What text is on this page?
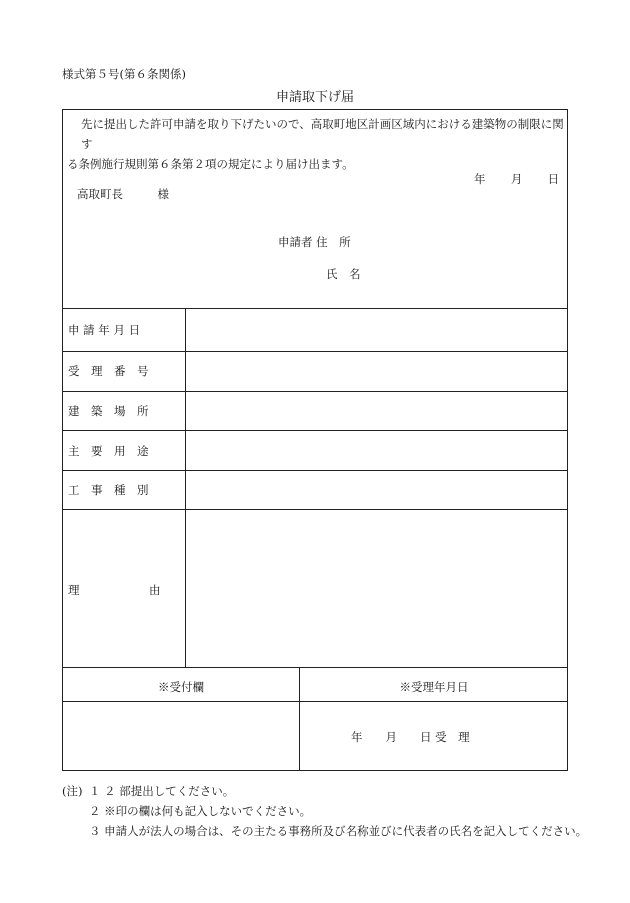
様式第５号(第６条関係)
申請取下げ届
先に提出した許可申請を取り下げたいので、高取町地区計画区域内における建築物の制限に関す
る条例施行規則第６条第２項の規定により届け出ます。
年 月 日
高取町長　　　様
申請者 住　所
氏　名
申 請 年 月 日
受　理　番　号
建　築　場　所
主　要　用　途
工　事　種　別
理	由
※受付欄	※受理年月日
年　　月　　日 受　理
(注) １ ２ 部提出してください。
２ ※印の欄は何も記入しないでください。
３ 申請人が法人の場合は、その主たる事務所及び名称並びに代表者の氏名を記入してください。
